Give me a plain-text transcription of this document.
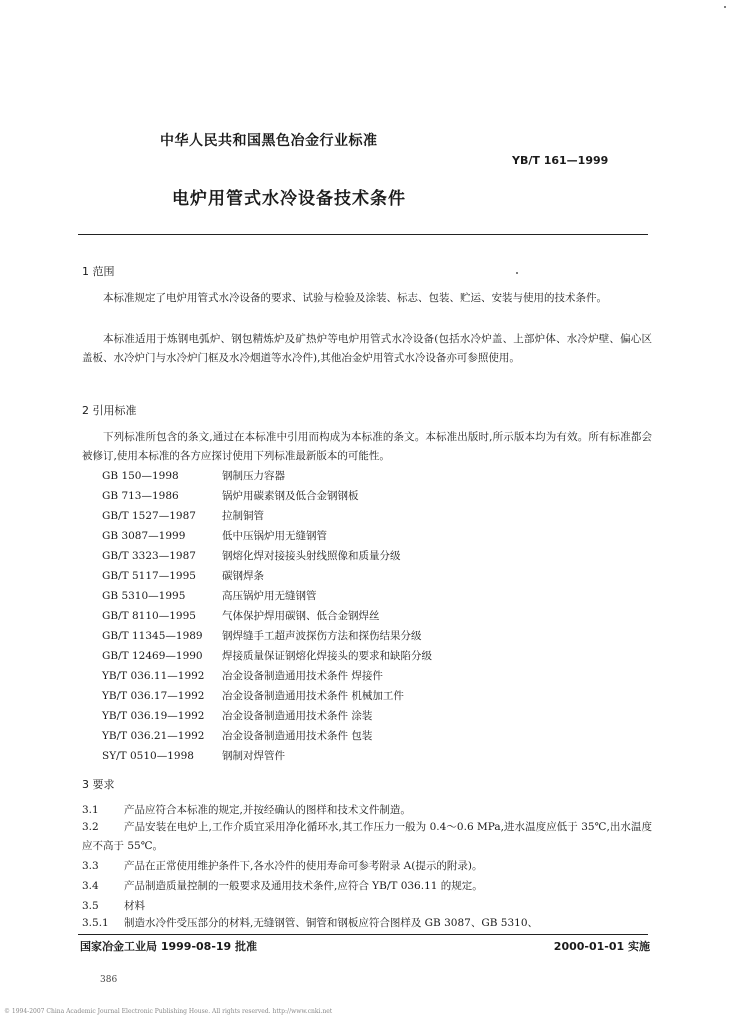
中华人民共和国黑色冶金行业标准
YB/T 161—1999
电炉用管式水冷设备技术条件
1 范围
本标准规定了电炉用管式水冷设备的要求、试验与检验及涂装、标志、包装、贮运、安装与使用的技术条件。
本标准适用于炼钢电弧炉、钢包精炼炉及矿热炉等电炉用管式水冷设备(包括水冷炉盖、上部炉体、水冷炉壁、偏心区盖板、水冷炉门与水冷炉门框及水冷烟道等水冷件),其他冶金炉用管式水冷设备亦可参照使用。
2 引用标准
下列标准所包含的条文,通过在本标准中引用而构成为本标准的条文。本标准出版时,所示版本均为有效。所有标准都会被修订,使用本标准的各方应探讨使用下列标准最新版本的可能性。
GB 150—1998	钢制压力容器
GB 713—1986	锅炉用碳素钢及低合金钢钢板
GB/T 1527—1987 拉制铜管
GB 3087—1999	低中压锅炉用无缝钢管
GB/T 3323—1987 钢熔化焊对接接头射线照像和质量分级
GB/T 5117—1995 碳钢焊条
GB 5310—1995	高压锅炉用无缝钢管
GB/T 8110—1995 气体保护焊用碳钢、低合金钢焊丝
GB/T 11345—1989 钢焊缝手工超声波探伤方法和探伤结果分级
GB/T 12469—1990 焊接质量保证钢熔化焊接头的要求和缺陷分级
YB/T 036.11—1992 冶金设备制造通用技术条件 焊接件
YB/T 036.17—1992 冶金设备制造通用技术条件 机械加工件
YB/T 036.19—1992 冶金设备制造通用技术条件 涂装
YB/T 036.21—1992 冶金设备制造通用技术条件 包装
SY/T 0510—1998	钢制对焊管件
3 要求
3.1 产品应符合本标准的规定,并按经确认的图样和技术文件制造。
3.2 产品安装在电炉上,工作介质宜采用净化循环水,其工作压力一般为 0.4～0.6 MPa,进水温度应低于 35℃,出水温度应不高于 55℃。
3.3 产品在正常使用维护条件下,各水冷件的使用寿命可参考附录 A(提示的附录)。
3.4 产品制造质量控制的一般要求及通用技术条件,应符合 YB/T 036.11 的规定。
3.5 材料
3.5.1 制造水冷件受压部分的材料,无缝钢管、铜管和钢板应符合图样及 GB 3087、GB 5310、
国家冶金工业局 1999-08-19 批准	2000-01-01 实施
386
© 1994-2007 China Academic Journal Electronic Publishing House. All rights reserved. http://www.cnki.net
